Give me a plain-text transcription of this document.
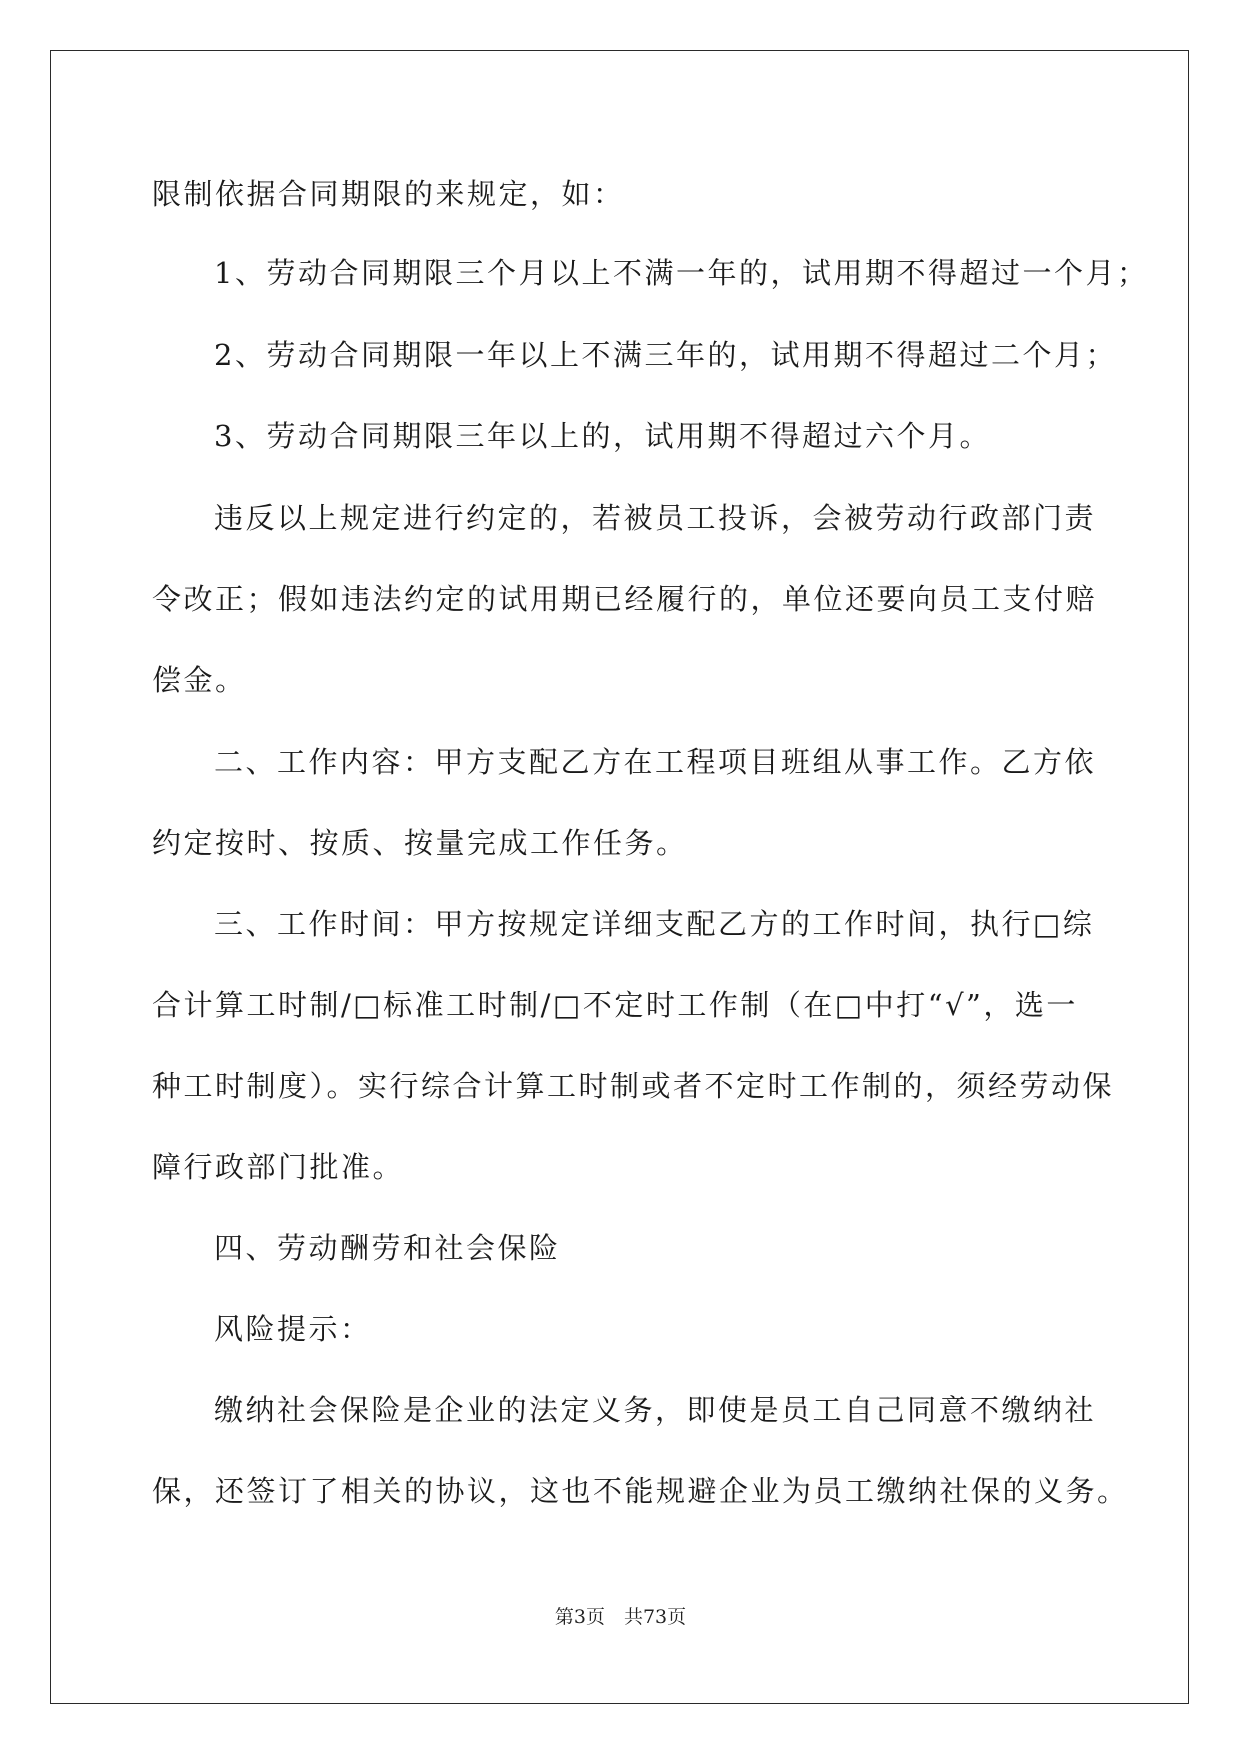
限制依据合同期限的来规定，如：
1、劳动合同期限三个月以上不满一年的，试用期不得超过一个月；
2、劳动合同期限一年以上不满三年的，试用期不得超过二个月；
3、劳动合同期限三年以上的，试用期不得超过六个月。
违反以上规定进行约定的，若被员工投诉，会被劳动行政部门责
令改正；假如违法约定的试用期已经履行的，单位还要向员工支付赔
偿金。
二、工作内容：甲方支配乙方在工程项目班组从事工作。乙方依
约定按时、按质、按量完成工作任务。
三、工作时间：甲方按规定详细支配乙方的工作时间，执行□综
合计算工时制/□标准工时制/□不定时工作制（在□中打“√”，选一
种工时制度）。实行综合计算工时制或者不定时工作制的，须经劳动保
障行政部门批准。
四、劳动酬劳和社会保险
风险提示：
缴纳社会保险是企业的法定义务，即使是员工自己同意不缴纳社
保，还签订了相关的协议，这也不能规避企业为员工缴纳社保的义务。
第3页　共73页
